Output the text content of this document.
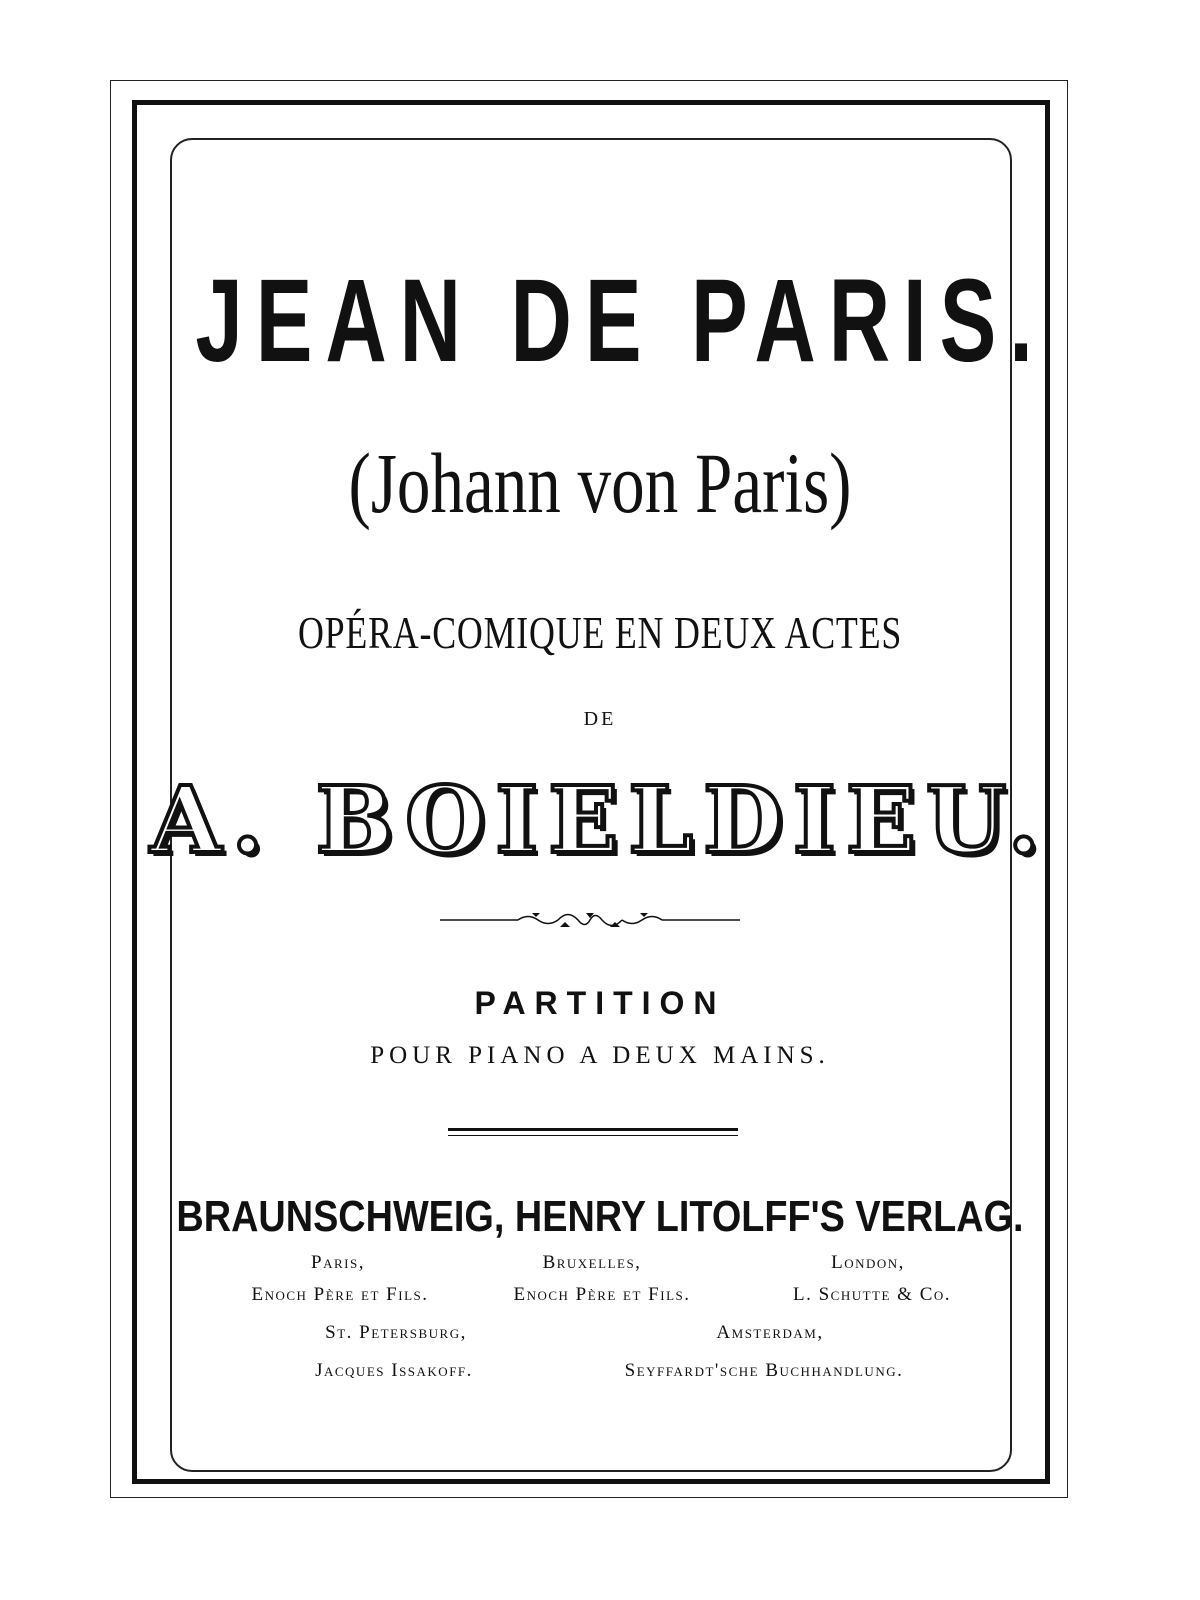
JEAN DE PARIS.
(Johann von Paris)
OPÉRA-COMIQUE EN DEUX ACTES
DE
A. BOIELDIEU.
PARTITION
POUR PIANO A DEUX MAINS.
BRAUNSCHWEIG, HENRY LITOLFF'S VERLAG.
Paris,
Enoch Père et Fils.
Bruxelles,
Enoch Père et Fils.
London,
L. Schutte & Co.
St. Petersburg,
Jacques Issakoff.
Amsterdam,
Seyffardt'sche Buchhandlung.
